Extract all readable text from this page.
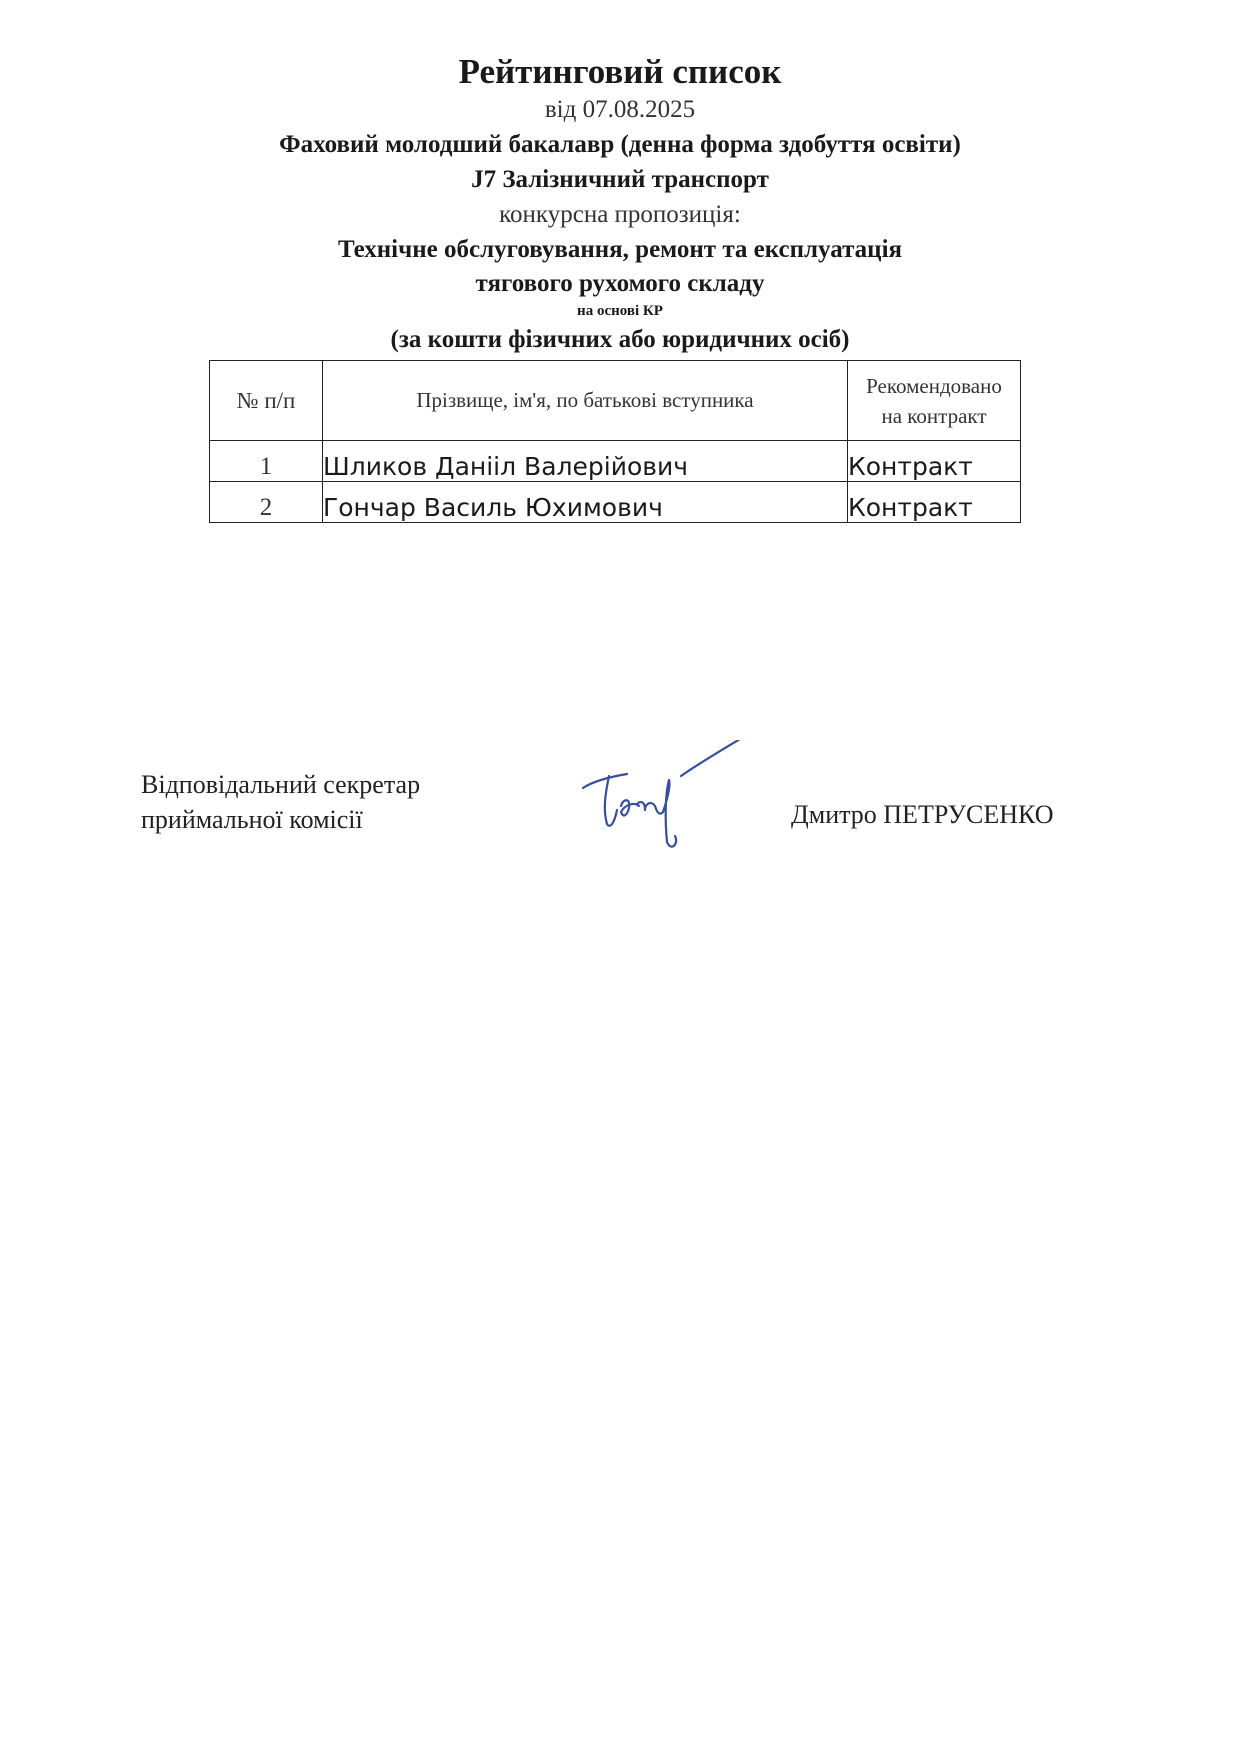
Рейтинговий список
від 07.08.2025
Фаховий молодший бакалавр (денна форма здобуття освіти)
J7 Залізничний транспорт
конкурсна пропозиція:
Технічне обслуговування, ремонт та експлуатація
тягового рухомого складу
на основі КР
(за кошти фізичних або юридичних осіб)
№ п/п	Прізвище, ім'я, по батькові вступника	Рекомендовано
на контракт
1	Шликов Данііл Валерійович	Контракт
2	Гончар Василь Юхимович	Контракт
Відповідальний секретар
приймальної комісії	Дмитро ПЕТРУСЕНКО
